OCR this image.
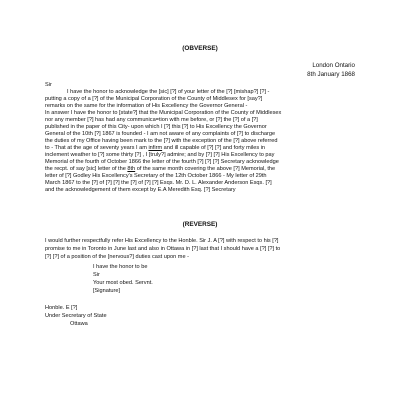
(OBVERSE)
London Ontario
8th January 1868
Sir
I have the honor to acknowledge the [sic] [?] of your letter of the [?] [mishap?] [?] -
putting a copy of a [?] of the Municipal Corporation of the County of Middlesex for [say?]
remarks on the same for the information of His Excellency the Governor General -
In answer I have the honor to [state?] that the Municipal Corporation of the County of Middlesex
nor any member [?] has had any communica=tion with me before, or [?] the [?] of a [?]
published in the paper of this City- upon which I [?] this [?] to His Excellency the Governor
General of the 10th [?] 1867 is founded - I am not aware of any complaints of [?] to discharge
the duties of my Office having been mark to the [?] with the exception of the [?] above referred
to - That at the age of seventy years I am infirm and ill capable of [?] [?] and forty miles in
inclement weather to [?] some thirty [?] , I [truly?] admire; and by [?] [?] His Excellency to pay
Memorial of the fourth of October 1866 the letter of the fourth [?] [?] [?] Secretary acknowledge
the recpt. of say [sic] letter of the 8th of the same month covering the above [?] Memorial, the
letter of [?] Godley His Excellency's Secretary of the 12th October 1866 - My letter of 29th
March 1867 to the [?] of [?] [?] the [?] of [?] [?] Esqs. Mr. D. L. Alexander Anderson Esqs. [?]
and the acknowledgement of them except by E.A Meredith Esq. [?] Secretary
(REVERSE)
I would further respectfully refer His Excellency to the Honble. Sir J. A [?] with respect to his [?]
promise to me in Toronto in June last and also in Ottawa in [?] last that I should have a [?] [?] to
[?] [?] of a position of the [nervous?] duties cast upon me -
I have the honor to be
Sir
Your most obed. Servnt.
[Signature]
Honble. E [?]
Under Secretary of State
Ottawa
